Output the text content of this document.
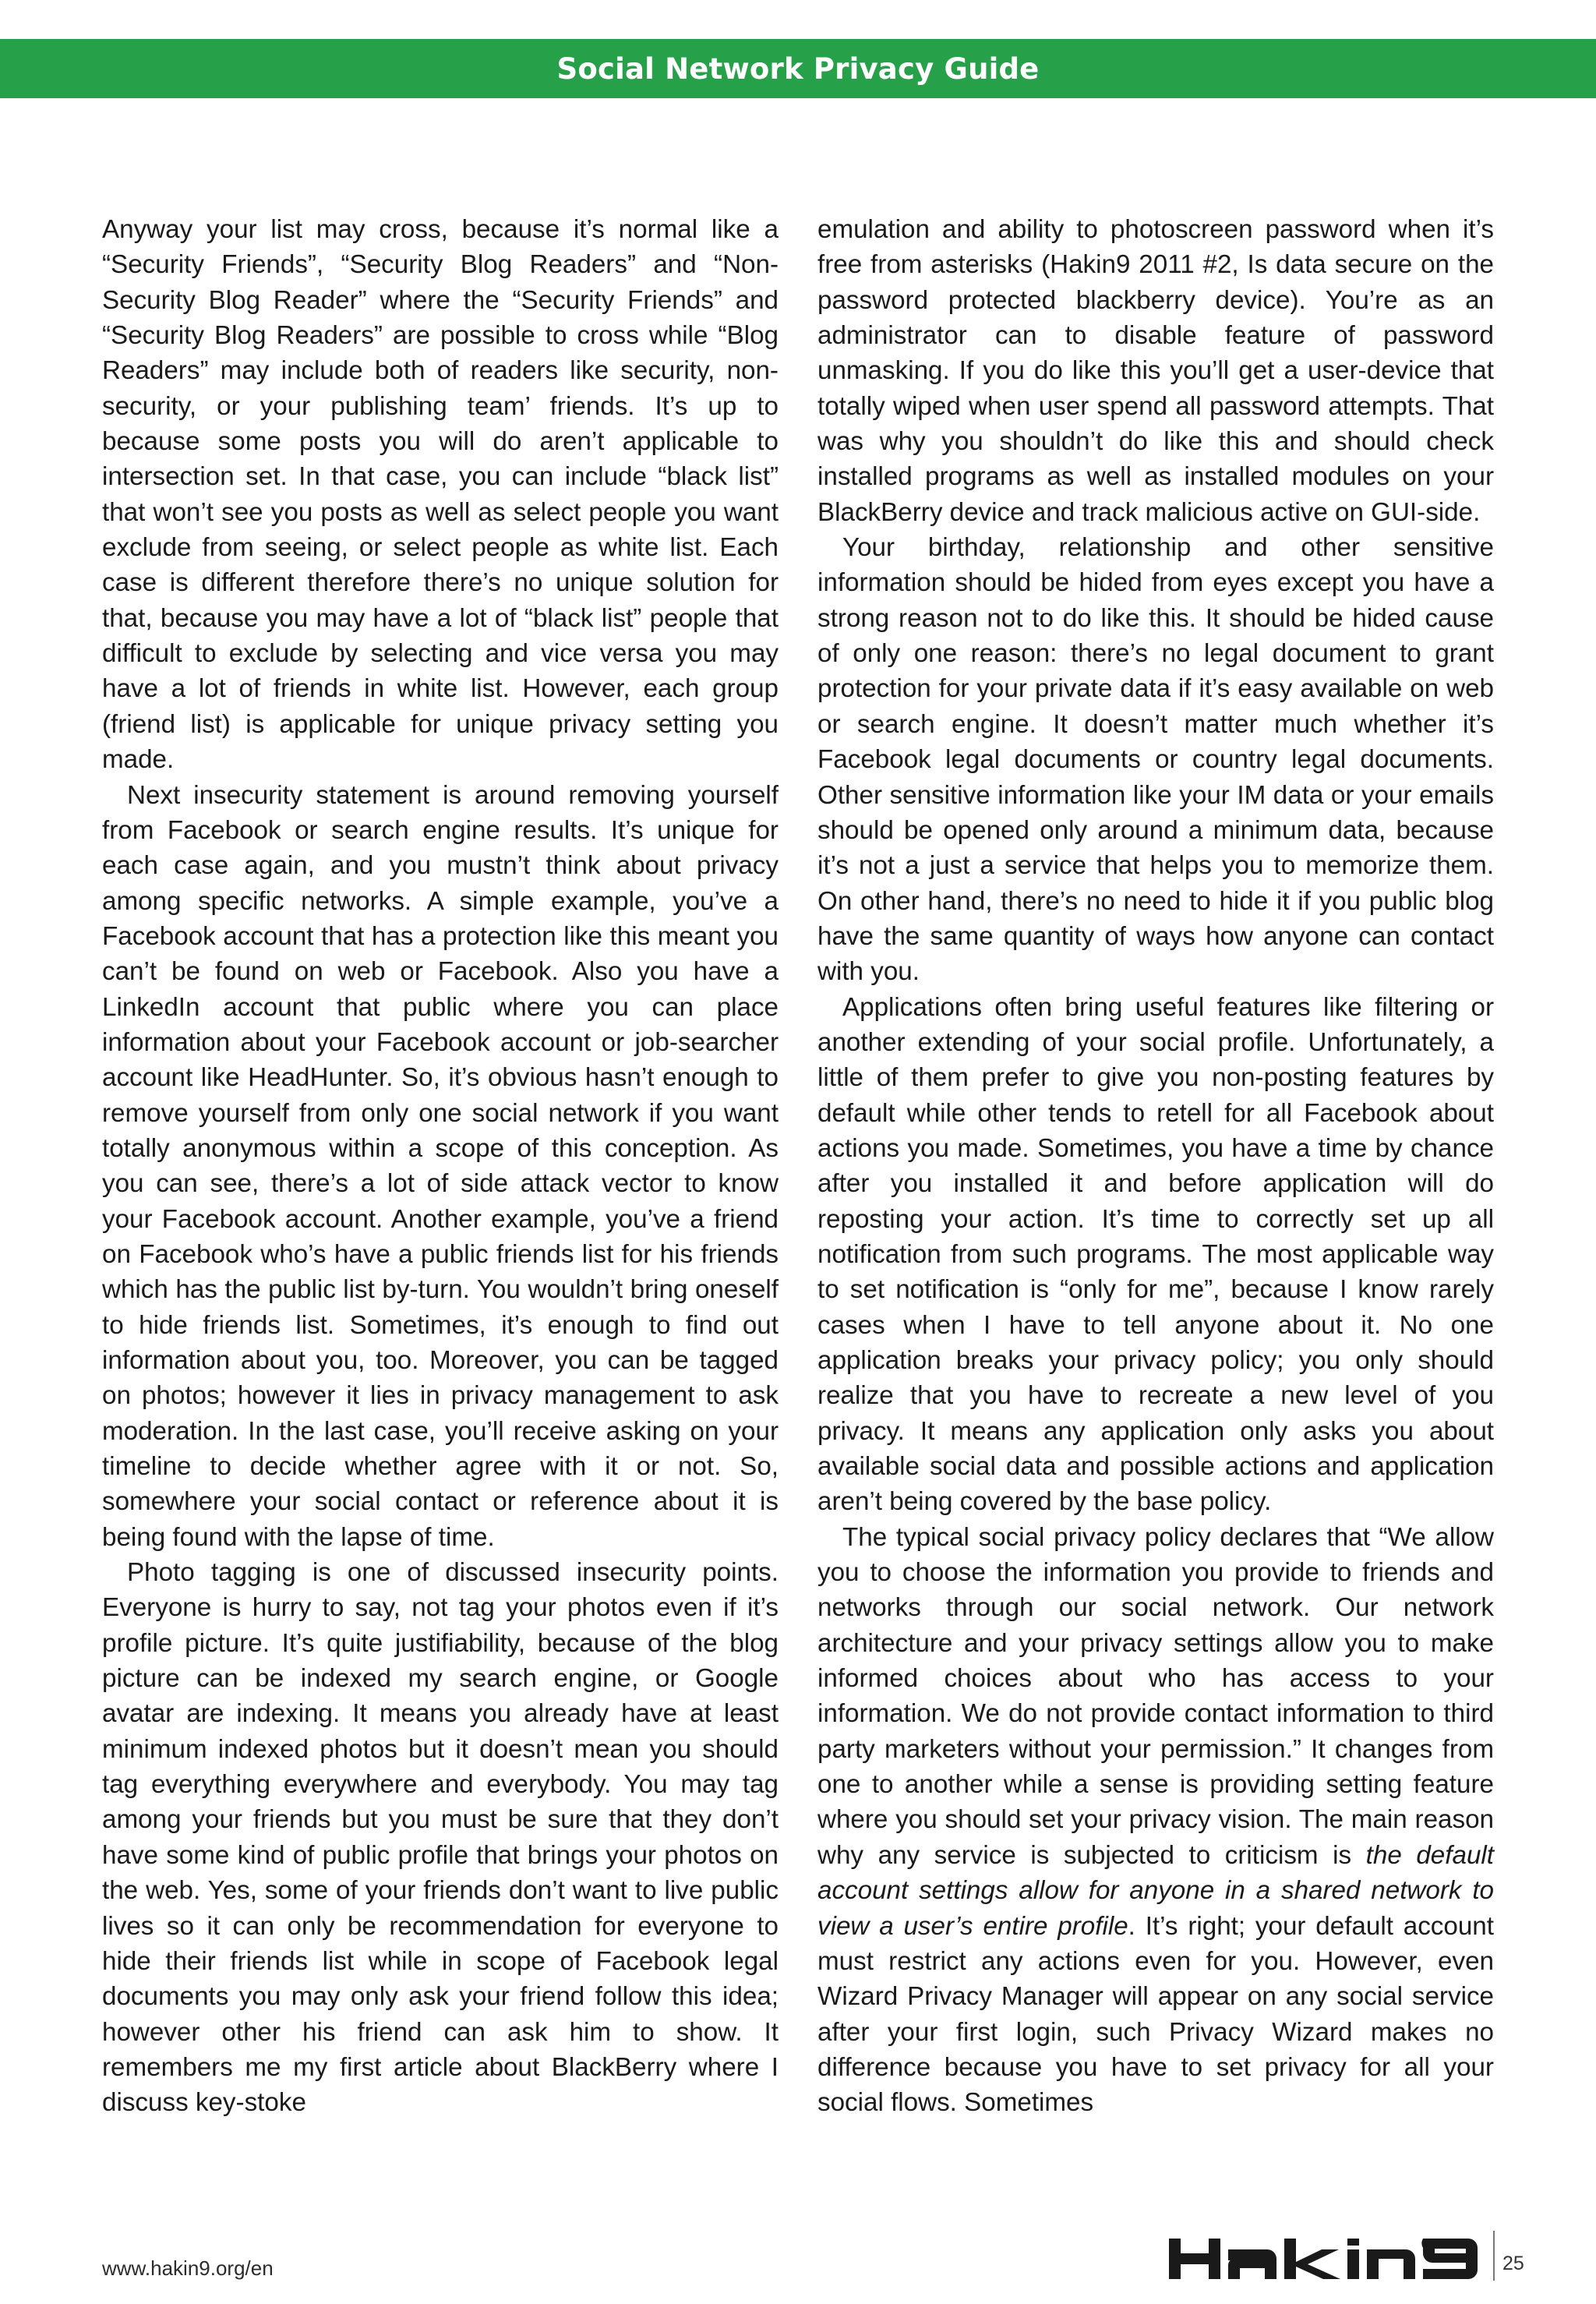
Social Network Privacy Guide

Anyway your list may cross, because it’s normal like a “Security Friends”, “Security Blog Readers” and “Non-Security Blog Reader” where the “Security Friends” and “Security Blog Readers” are possible to cross while “Blog Readers” may include both of readers like security, non-security, or your publishing team’ friends. It’s up to because some posts you will do aren’t applicable to intersection set. In that case, you can include “black list” that won’t see you posts as well as select people you want exclude from seeing, or select people as white list. Each case is different therefore there’s no unique solution for that, because you may have a lot of “black list” people that difficult to exclude by selecting and vice versa you may have a lot of friends in white list. However, each group (friend list) is applicable for unique privacy setting you made.

Next insecurity statement is around removing yourself from Facebook or search engine results. It’s unique for each case again, and you mustn’t think about privacy among specific networks. A simple example, you’ve a Facebook account that has a protection like this meant you can’t be found on web or Facebook. Also you have a LinkedIn account that public where you can place information about your Facebook account or job-searcher account like HeadHunter. So, it’s obvious hasn’t enough to remove yourself from only one social network if you want totally anonymous within a scope of this conception. As you can see, there’s a lot of side attack vector to know your Facebook account. Another example, you’ve a friend on Facebook who’s have a public friends list for his friends which has the public list by-turn. You wouldn’t bring oneself to hide friends list. Sometimes, it’s enough to find out information about you, too. Moreover, you can be tagged on photos; however it lies in privacy management to ask moderation. In the last case, you’ll receive asking on your timeline to decide whether agree with it or not. So, somewhere your social contact or reference about it is being found with the lapse of time.

Photo tagging is one of discussed insecurity points. Everyone is hurry to say, not tag your photos even if it’s profile picture. It’s quite justifiability, because of the blog picture can be indexed my search engine, or Google avatar are indexing. It means you already have at least minimum indexed photos but it doesn’t mean you should tag everything everywhere and everybody. You may tag among your friends but you must be sure that they don’t have some kind of public profile that brings your photos on the web. Yes, some of your friends don’t want to live public lives so it can only be recommendation for everyone to hide their friends list while in scope of Facebook legal documents you may only ask your friend follow this idea; however other his friend can ask him to show. It remembers me my first article about BlackBerry where I discuss key-stoke

emulation and ability to photoscreen password when it’s free from asterisks (Hakin9 2011 #2, Is data secure on the password protected blackberry device). You’re as an administrator can to disable feature of password unmasking. If you do like this you’ll get a user-device that totally wiped when user spend all password attempts. That was why you shouldn’t do like this and should check installed programs as well as installed modules on your BlackBerry device and track malicious active on GUI-side.

Your birthday, relationship and other sensitive information should be hided from eyes except you have a strong reason not to do like this. It should be hided cause of only one reason: there’s no legal document to grant protection for your private data if it’s easy available on web or search engine. It doesn’t matter much whether it’s Facebook legal documents or country legal documents. Other sensitive information like your IM data or your emails should be opened only around a minimum data, because it’s not a just a service that helps you to memorize them. On other hand, there’s no need to hide it if you public blog have the same quantity of ways how anyone can contact with you.

Applications often bring useful features like filtering or another extending of your social profile. Unfortunately, a little of them prefer to give you non-posting features by default while other tends to retell for all Facebook about actions you made. Sometimes, you have a time by chance after you installed it and before application will do reposting your action. It’s time to correctly set up all notification from such programs. The most applicable way to set notification is “only for me”, because I know rarely cases when I have to tell anyone about it. No one application breaks your privacy policy; you only should realize that you have to recreate a new level of you privacy. It means any application only asks you about available social data and possible actions and application aren’t being covered by the base policy.

The typical social privacy policy declares that “We allow you to choose the information you provide to friends and networks through our social network. Our network architecture and your privacy settings allow you to make informed choices about who has access to your information. We do not provide contact information to third party marketers without your permission.” It changes from one to another while a sense is providing setting feature where you should set your privacy vision. The main reason why any service is subjected to criticism is the default account settings allow for anyone in a shared network to view a user’s entire profile. It’s right; your default account must restrict any actions even for you. However, even Wizard Privacy Manager will appear on any social service after your first login, such Privacy Wizard makes no difference because you have to set privacy for all your social flows. Sometimes

www.hakin9.org/en	25
